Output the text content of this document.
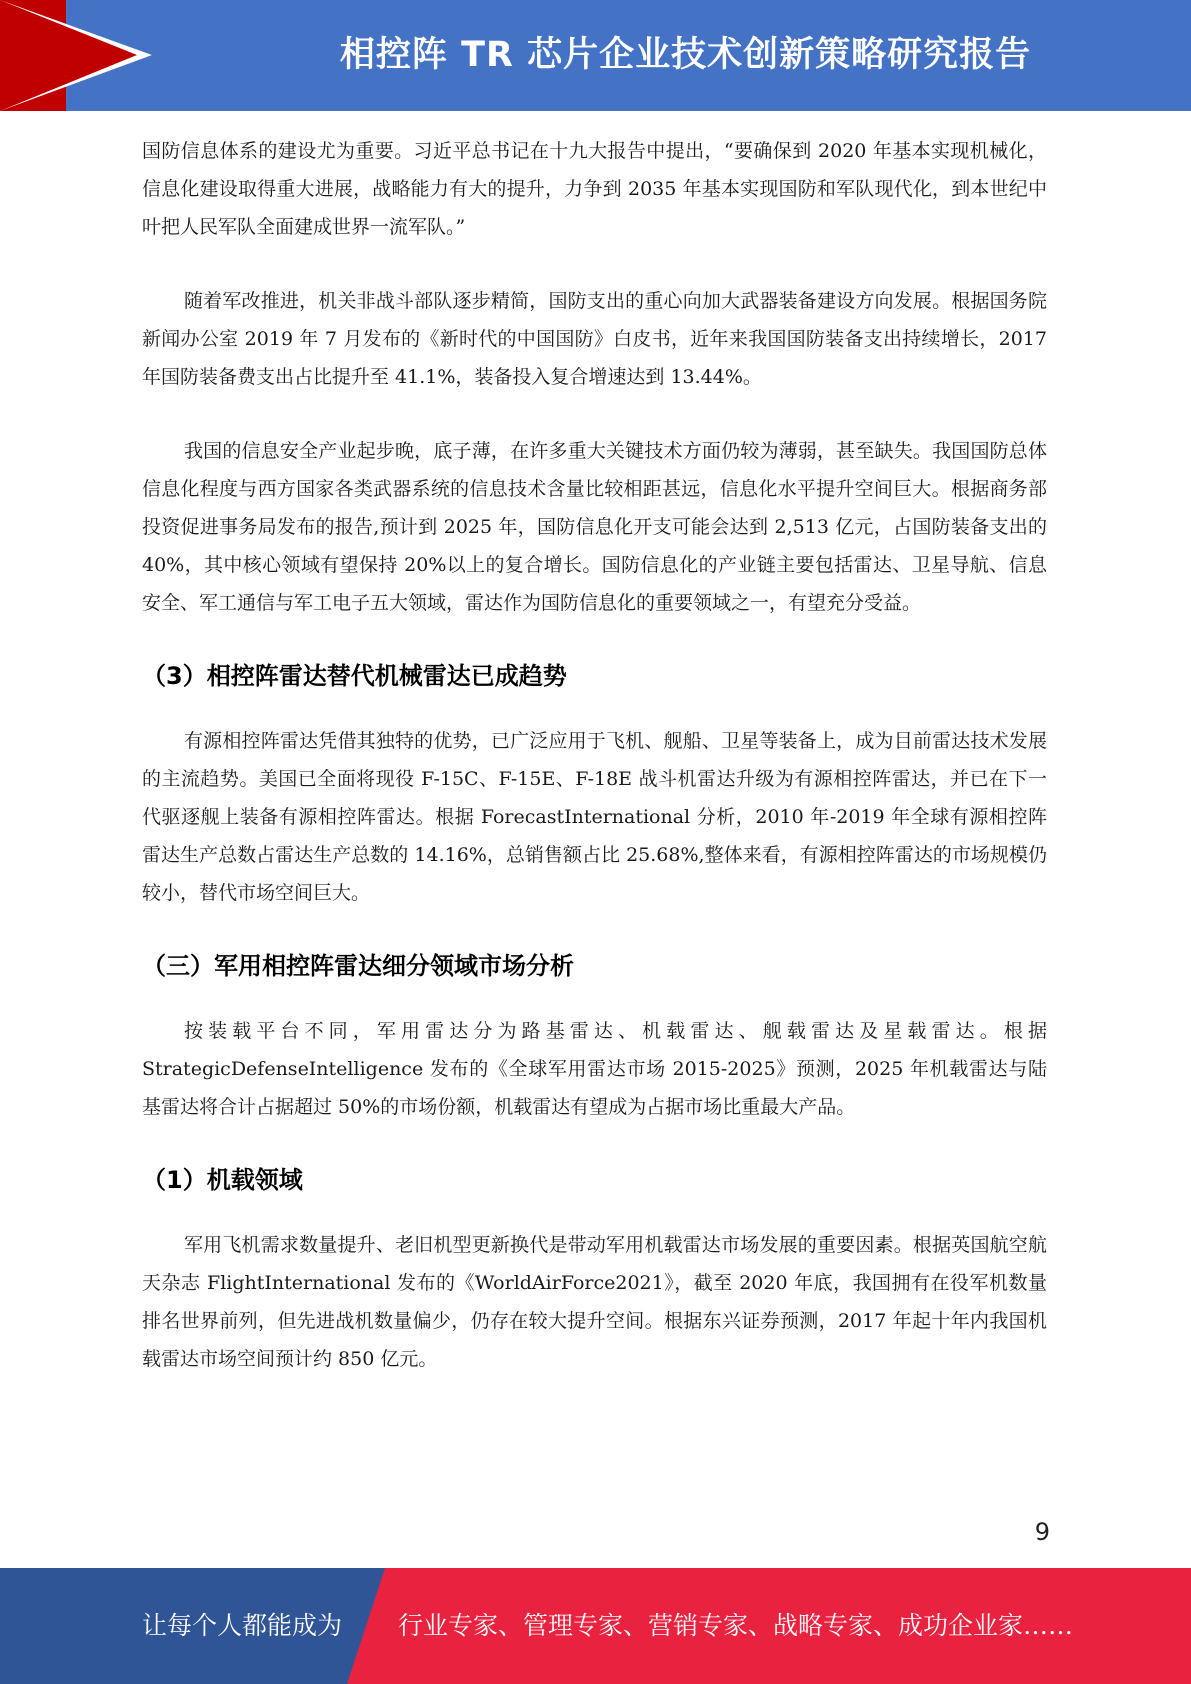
相控阵 TR 芯片企业技术创新策略研究报告

国防信息体系的建设尤为重要。习近平总书记在十九大报告中提出，“要确保到 2020 年基本实现机械化，信息化建设取得重大进展，战略能力有大的提升，力争到 2035 年基本实现国防和军队现代化，到本世纪中叶把人民军队全面建成世界一流军队。”

随着军改推进，机关非战斗部队逐步精简，国防支出的重心向加大武器装备建设方向发展。根据国务院新闻办公室 2019 年 7 月发布的《新时代的中国国防》白皮书，近年来我国国防装备支出持续增长，2017 年国防装备费支出占比提升至 41.1%，装备投入复合增速达到 13.44%。

我国的信息安全产业起步晚，底子薄，在许多重大关键技术方面仍较为薄弱，甚至缺失。我国国防总体信息化程度与西方国家各类武器系统的信息技术含量比较相距甚远，信息化水平提升空间巨大。根据商务部投资促进事务局发布的报告,预计到 2025 年，国防信息化开支可能会达到 2,513 亿元，占国防装备支出的 40%，其中核心领域有望保持 20%以上的复合增长。国防信息化的产业链主要包括雷达、卫星导航、信息安全、军工通信与军工电子五大领域，雷达作为国防信息化的重要领域之一，有望充分受益。

（3）相控阵雷达替代机械雷达已成趋势

有源相控阵雷达凭借其独特的优势，已广泛应用于飞机、舰船、卫星等装备上，成为目前雷达技术发展的主流趋势。美国已全面将现役 F-15C、F-15E、F-18E 战斗机雷达升级为有源相控阵雷达，并已在下一代驱逐舰上装备有源相控阵雷达。根据 ForecastInternational 分析，2010 年-2019 年全球有源相控阵雷达生产总数占雷达生产总数的 14.16%，总销售额占比 25.68%,整体来看，有源相控阵雷达的市场规模仍较小，替代市场空间巨大。

（三）军用相控阵雷达细分领域市场分析

按装载平台不同，军用雷达分为路基雷达、机载雷达、舰载雷达及星载雷达。根据StrategicDefenseIntelligence 发布的《全球军用雷达市场 2015-2025》预测，2025 年机载雷达与陆基雷达将合计占据超过 50%的市场份额，机载雷达有望成为占据市场比重最大产品。

（1）机载领域

军用飞机需求数量提升、老旧机型更新换代是带动军用机载雷达市场发展的重要因素。根据英国航空航天杂志 FlightInternational 发布的《WorldAirForce2021》，截至 2020 年底，我国拥有在役军机数量排名世界前列，但先进战机数量偏少，仍存在较大提升空间。根据东兴证券预测，2017 年起十年内我国机载雷达市场空间预计约 850 亿元。

9
让每个人都能成为 行业专家、管理专家、营销专家、战略专家、成功企业家……
